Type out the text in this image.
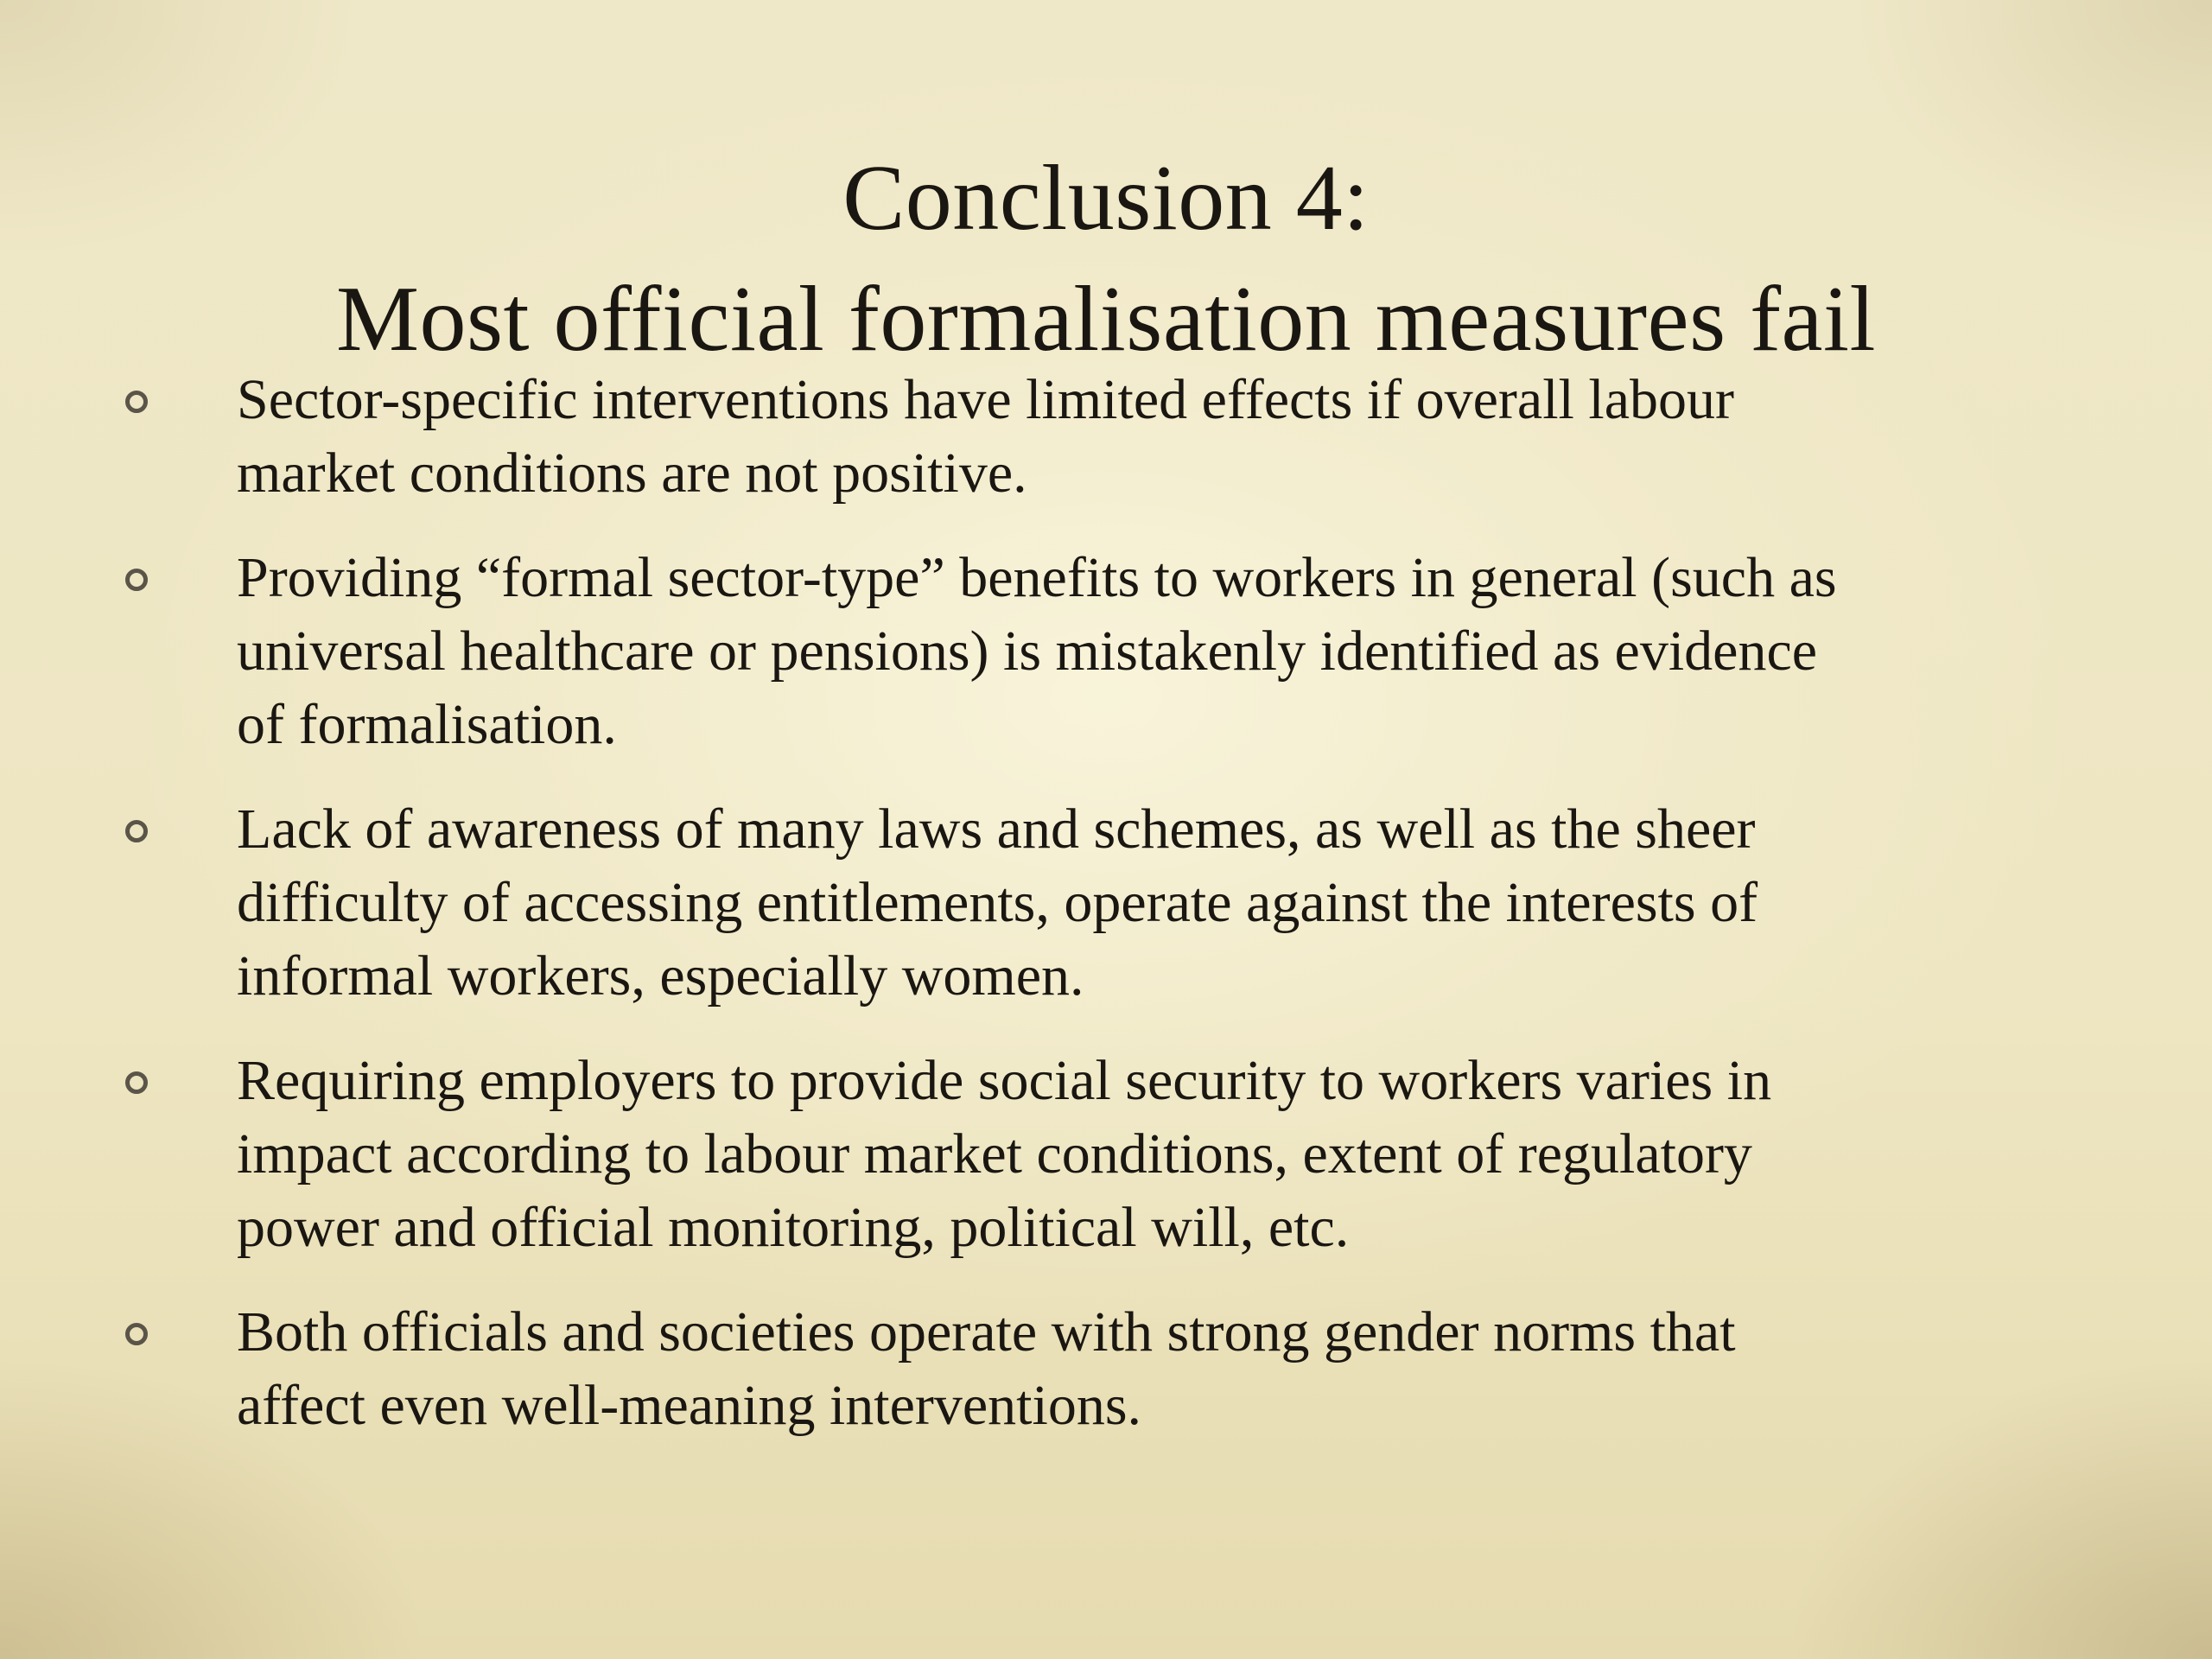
Conclusion 4:
Most official formalisation measures fail
Sector-specific interventions have limited effects if overall labour
market conditions are not positive.
Providing “formal sector-type” benefits to workers in general (such as
universal healthcare or pensions) is mistakenly identified as evidence
of formalisation.
Lack of awareness of many laws and schemes, as well as the sheer
difficulty of accessing entitlements, operate against the interests of
informal workers, especially women.
Requiring employers to provide social security to workers varies in
impact according to labour market conditions, extent of regulatory
power and official monitoring, political will, etc.
Both officials and societies operate with strong gender norms that
affect even well-meaning interventions.
